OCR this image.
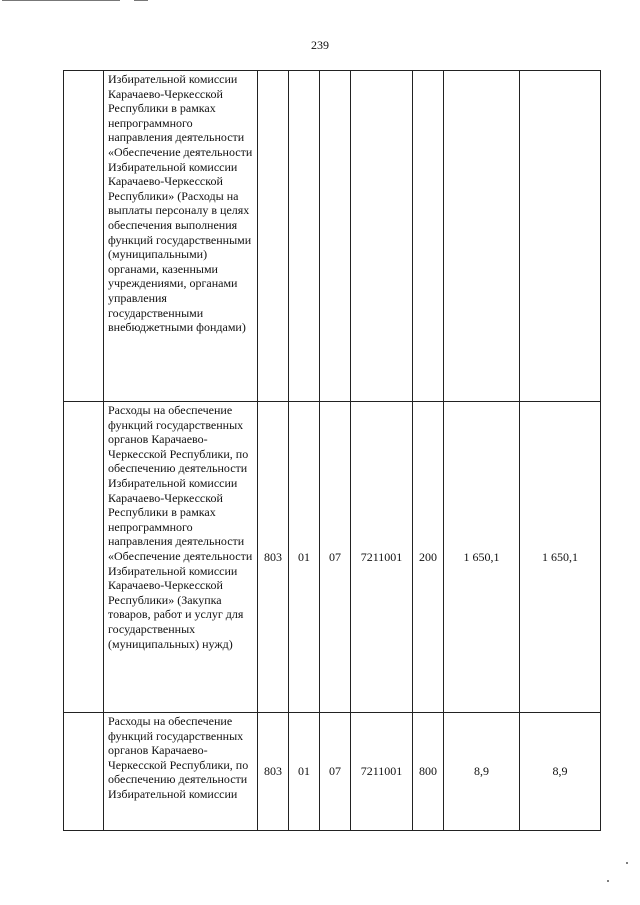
239
	Избирательной комиссии Карачаево-Черкесской Республики в рамках непрограммного направления деятельности «Обеспечение деятельности Избирательной комиссии Карачаево-Черкесской Республики» (Расходы на выплаты персоналу в целях обеспечения выполнения функций государственными (муниципальными) органами, казенными учреждениями, органами управления государственными внебюджетными фондами)							
	Расходы на обеспечение функций государственных органов Карачаево-Черкесской Республики, по обеспечению деятельности Избирательной комиссии Карачаево-Черкесской Республики в рамках непрограммного направления деятельности «Обеспечение деятельности Избирательной комиссии Карачаево-Черкесской Республики» (Закупка товаров, работ и услуг для государственных (муниципальных) нужд)	803	01	07	7211001	200	1 650,1	1 650,1
	Расходы на обеспечение функций государственных органов Карачаево-Черкесской Республики, по обеспечению деятельности Избирательной комиссии	803	01	07	7211001	800	8,9	8,9
